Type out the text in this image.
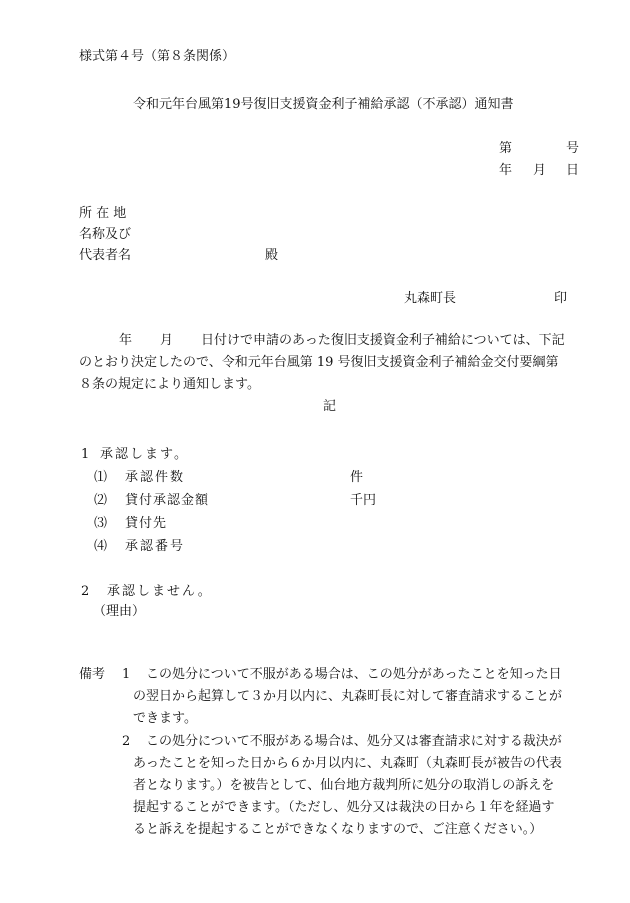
様式第４号（第８条関係）
令和元年台風第19号復旧支援資金利子補給承認（不承認）通知書
第	号
年 月 日
所 在 地
名称及び
代表者名	殿
丸森町長	印
年 月 日付けで申請のあった復旧支援資金利子補給については、下記
のとおり決定したので、令和元年台風第 19 号復旧支援資金利子補給金交付要綱第
８条の規定により通知します。
記
1 承認します。
⑴ 承認件数	件
⑵ 貸付承認金額	千円
⑶ 貸付先
⑷ 承認番号
2 承認しません。
（理由）
備考 1 この処分について不服がある場合は、この処分があったことを知った日
の翌日から起算して３か月以内に、丸森町長に対して審査請求することが
できます。
2 この処分について不服がある場合は、処分又は審査請求に対する裁決が
あったことを知った日から６か月以内に、丸森町（丸森町長が被告の代表
者となります。）を被告として、仙台地方裁判所に処分の取消しの訴えを
提起することができます。（ただし、処分又は裁決の日から１年を経過す
ると訴えを提起することができなくなりますので、ご注意ください。）
